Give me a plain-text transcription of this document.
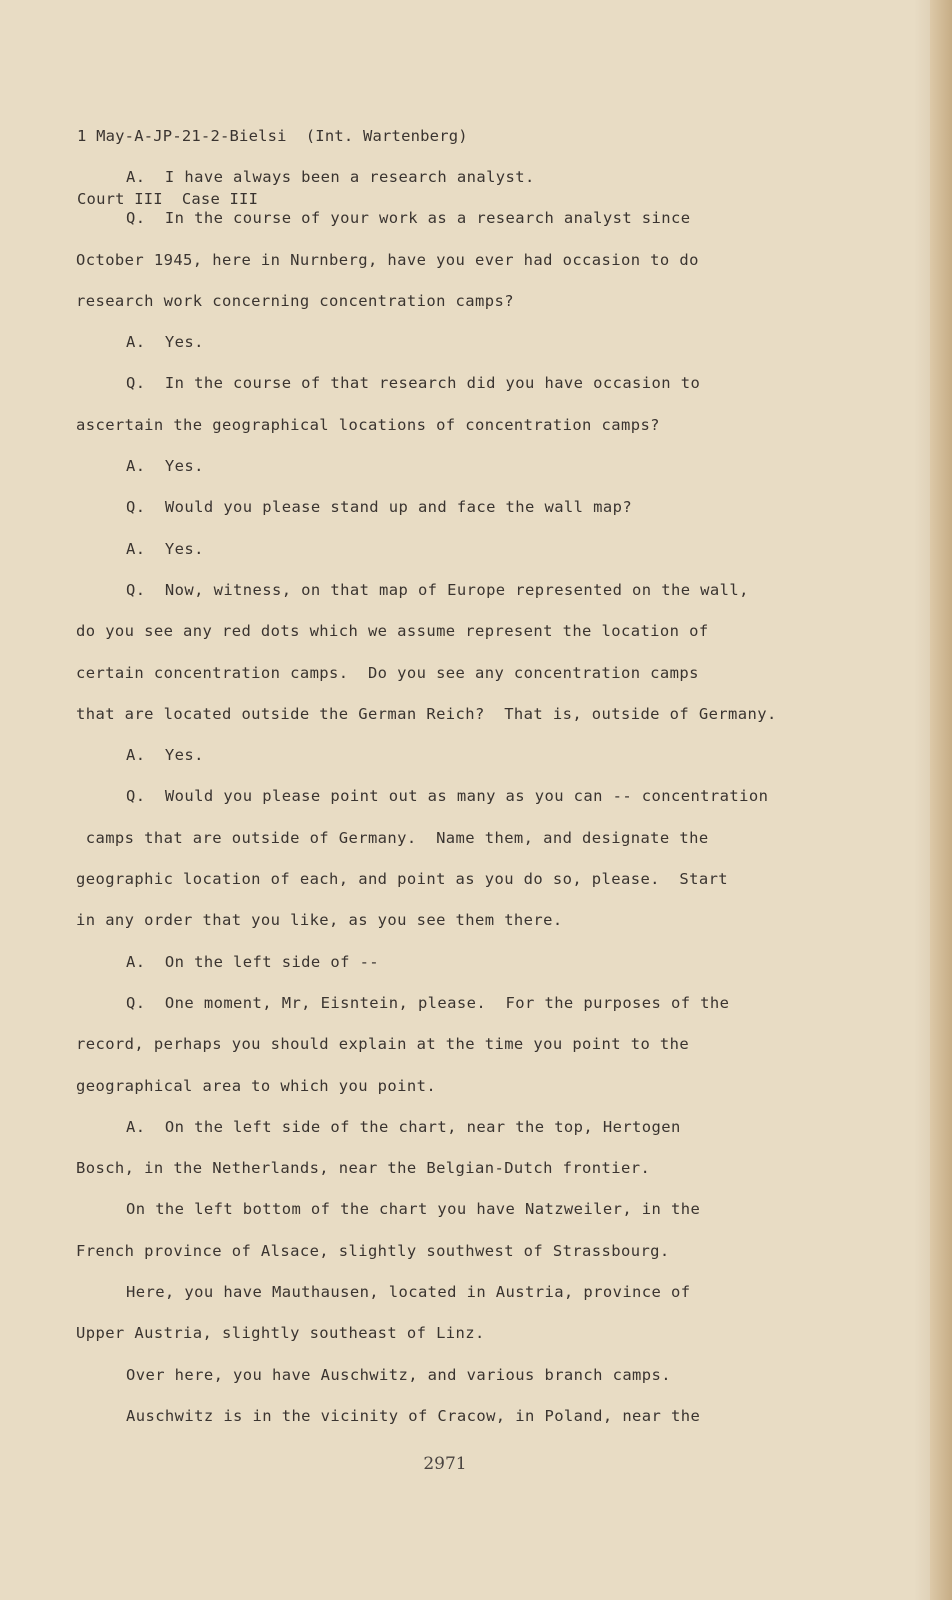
1 May-A-JP-21-2-Bielsi  (Int. Wartenberg)

Court III  Case III

A.  I have always been a research analyst.
Q.  In the course of your work as a research analyst since
October 1945, here in Nurnberg, have you ever had occasion to do
research work concerning concentration camps?
A.  Yes.
Q.  In the course of that research did you have occasion to
ascertain the geographical locations of concentration camps?
A.  Yes.
Q.  Would you please stand up and face the wall map?
A.  Yes.
Q.  Now, witness, on that map of Europe represented on the wall,
do you see any red dots which we assume represent the location of
certain concentration camps.  Do you see any concentration camps
that are located outside the German Reich?  That is, outside of Germany.
A.  Yes.
Q.  Would you please point out as many as you can -- concentration
camps that are outside of Germany.  Name them, and designate the
geographic location of each, and point as you do so, please.  Start
in any order that you like, as you see them there.
A.  On the left side of --
Q.  One moment, Mr, Eisntein, please.  For the purposes of the
record, perhaps you should explain at the time you point to the
geographical area to which you point.
A.  On the left side of the chart, near the top, Hertogen
Bosch, in the Netherlands, near the Belgian-Dutch frontier.
On the left bottom of the chart you have Natzweiler, in the
French province of Alsace, slightly southwest of Strassbourg.
Here, you have Mauthausen, located in Austria, province of
Upper Austria, slightly southeast of Linz.
Over here, you have Auschwitz, and various branch camps.
Auschwitz is in the vicinity of Cracow, in Poland, near the
2971
